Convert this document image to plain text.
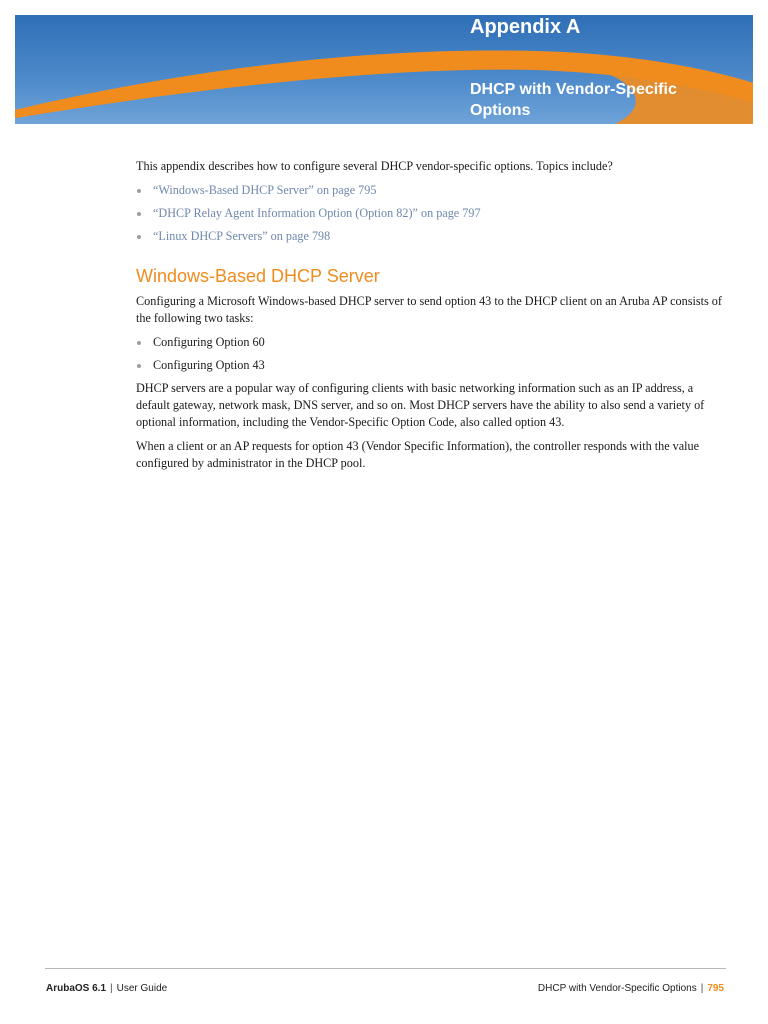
Appendix A
DHCP with Vendor-Specific Options

This appendix describes how to configure several DHCP vendor-specific options. Topics include?

“Windows-Based DHCP Server” on page 795
“DHCP Relay Agent Information Option (Option 82)” on page 797
“Linux DHCP Servers” on page 798
Windows-Based DHCP Server

Configuring a Microsoft Windows-based DHCP server to send option 43 to the DHCP client on an Aruba AP consists of the following two tasks:

Configuring Option 60
Configuring Option 43

DHCP servers are a popular way of configuring clients with basic networking information such as an IP address, a default gateway, network mask, DNS server, and so on. Most DHCP servers have the ability to also send a variety of optional information, including the Vendor-Specific Option Code, also called option 43.

When a client or an AP requests for option 43 (Vendor Specific Information), the controller responds with the value configured by administrator in the DHCP pool.

ArubaOS 6.1 | User Guide	DHCP with Vendor-Specific Options | 795
